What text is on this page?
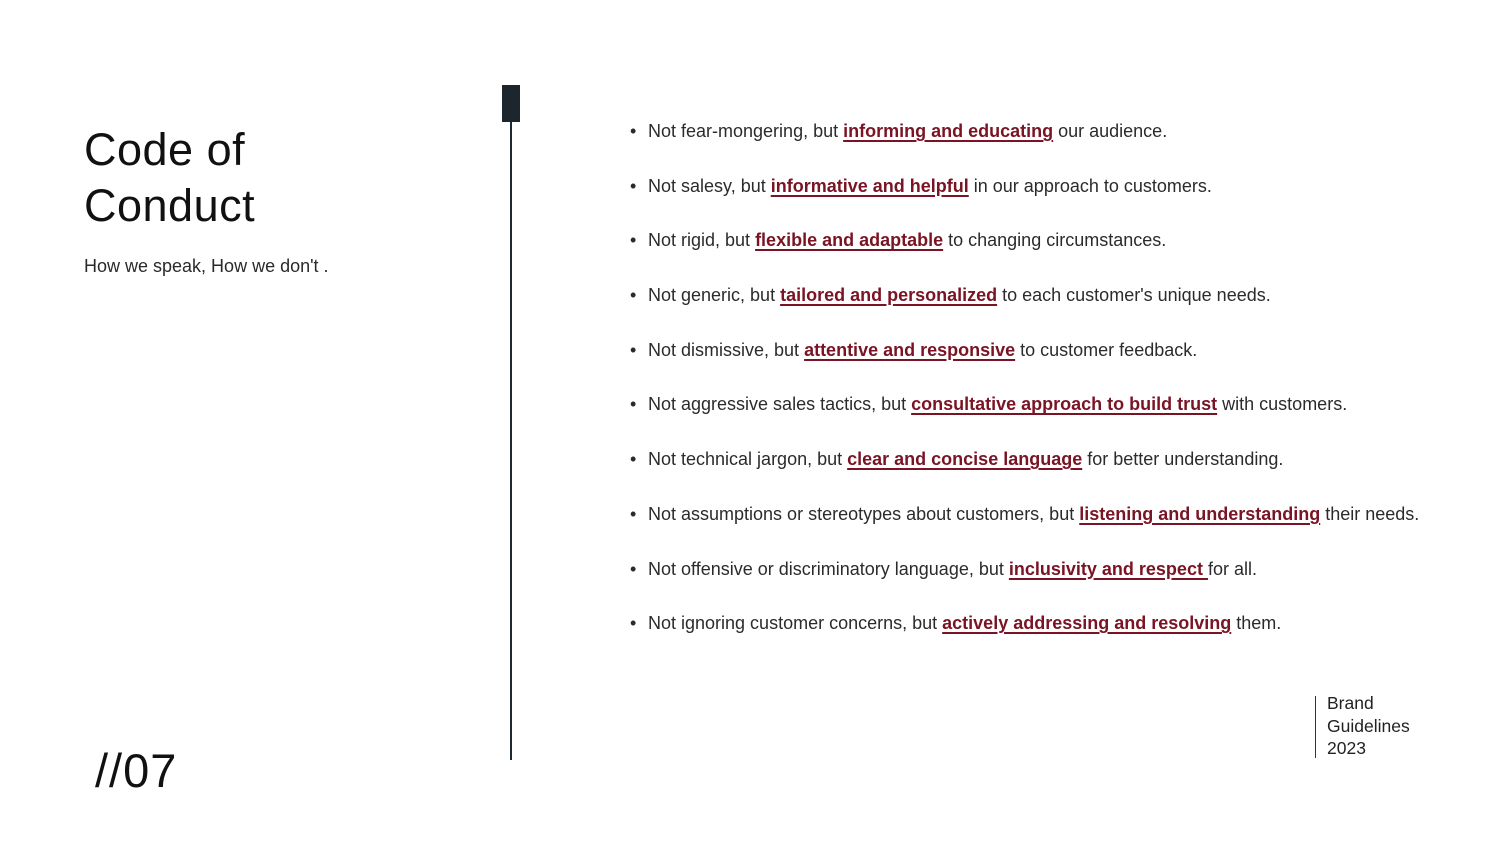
Code of
Conduct
How we speak, How we don't .
• Not fear-mongering, but informing and educating our audience.
• Not salesy, but informative and helpful in our approach to customers.
• Not rigid, but flexible and adaptable to changing circumstances.
• Not generic, but tailored and personalized to each customer's unique needs.
• Not dismissive, but attentive and responsive to customer feedback.
• Not aggressive sales tactics, but consultative approach to build trust with customers.
• Not technical jargon, but clear and concise language for better understanding.
• Not assumptions or stereotypes about customers, but listening and understanding their needs.
• Not offensive or discriminatory language, but inclusivity and respect for all.
• Not ignoring customer concerns, but actively addressing and resolving them.
//07
Brand
Guidelines
2023
